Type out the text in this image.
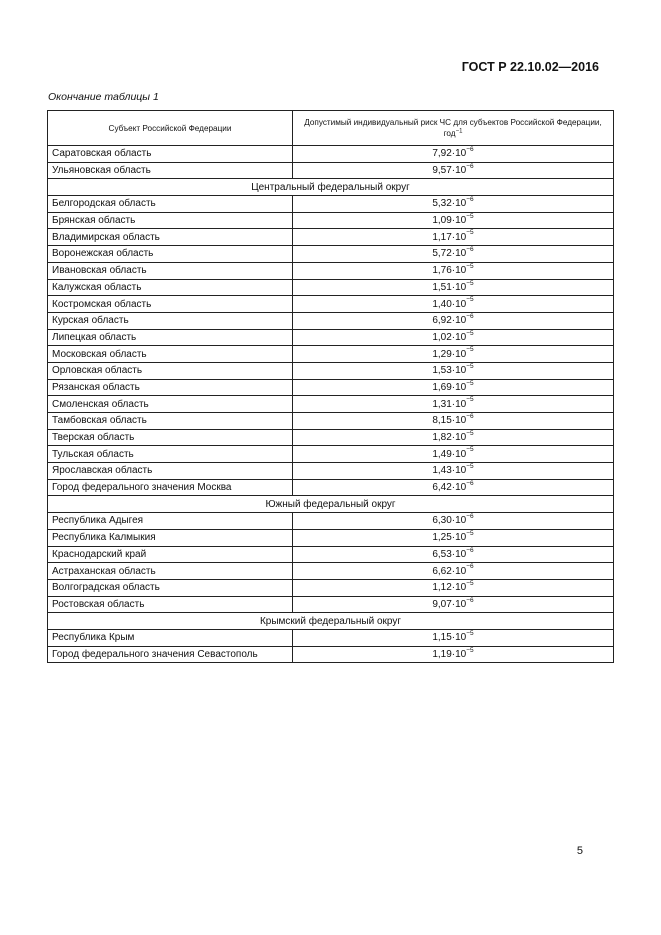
ГОСТ Р 22.10.02—2016
Окончание таблицы 1
Субъект Российской Федерации	Допустимый индивидуальный риск ЧС для субъектов Российской Федерации, год$^{-1}$
Саратовская область	$7,92\cdot 10^{-6}$
Ульяновская область	$9,57\cdot 10^{-6}$
Центральный федеральный округ	
Белгородская область	$5,32\cdot 10^{-6}$
Брянская область	$1,09\cdot 10^{-5}$
Владимирская область	$1,17\cdot 10^{-5}$
Воронежская область	$5,72\cdot 10^{-6}$
Ивановская область	$1,76\cdot 10^{-5}$
Калужская область	$1,51\cdot 10^{-5}$
Костромская область	$1,40\cdot 10^{-5}$
Курская область	$6,92\cdot 10^{-6}$
Липецкая область	$1,02\cdot 10^{-5}$
Московская область	$1,29\cdot 10^{-5}$
Орловская область	$1,53\cdot 10^{-5}$
Рязанская область	$1,69\cdot 10^{-5}$
Смоленская область	$1,31\cdot 10^{-5}$
Тамбовская область	$8,15\cdot 10^{-6}$
Тверская область	$1,82\cdot 10^{-5}$
Тульская область	$1,49\cdot 10^{-5}$
Ярославская область	$1,43\cdot 10^{-5}$
Город федерального значения Москва	$6,42\cdot 10^{-6}$
Южный федеральный округ	
Республика Адыгея	$6,30\cdot 10^{-6}$
Республика Калмыкия	$1,25\cdot 10^{-5}$
Краснодарский край	$6,53\cdot 10^{-6}$
Астраханская область	$6,62\cdot 10^{-6}$
Волгоградская область	$1,12\cdot 10^{-5}$
Ростовская область	$9,07\cdot 10^{-6}$
Крымский федеральный округ	
Республика Крым	$1,15\cdot 10^{-5}$
Город федерального значения Севастополь	$1,19\cdot 10^{-5}$
5
